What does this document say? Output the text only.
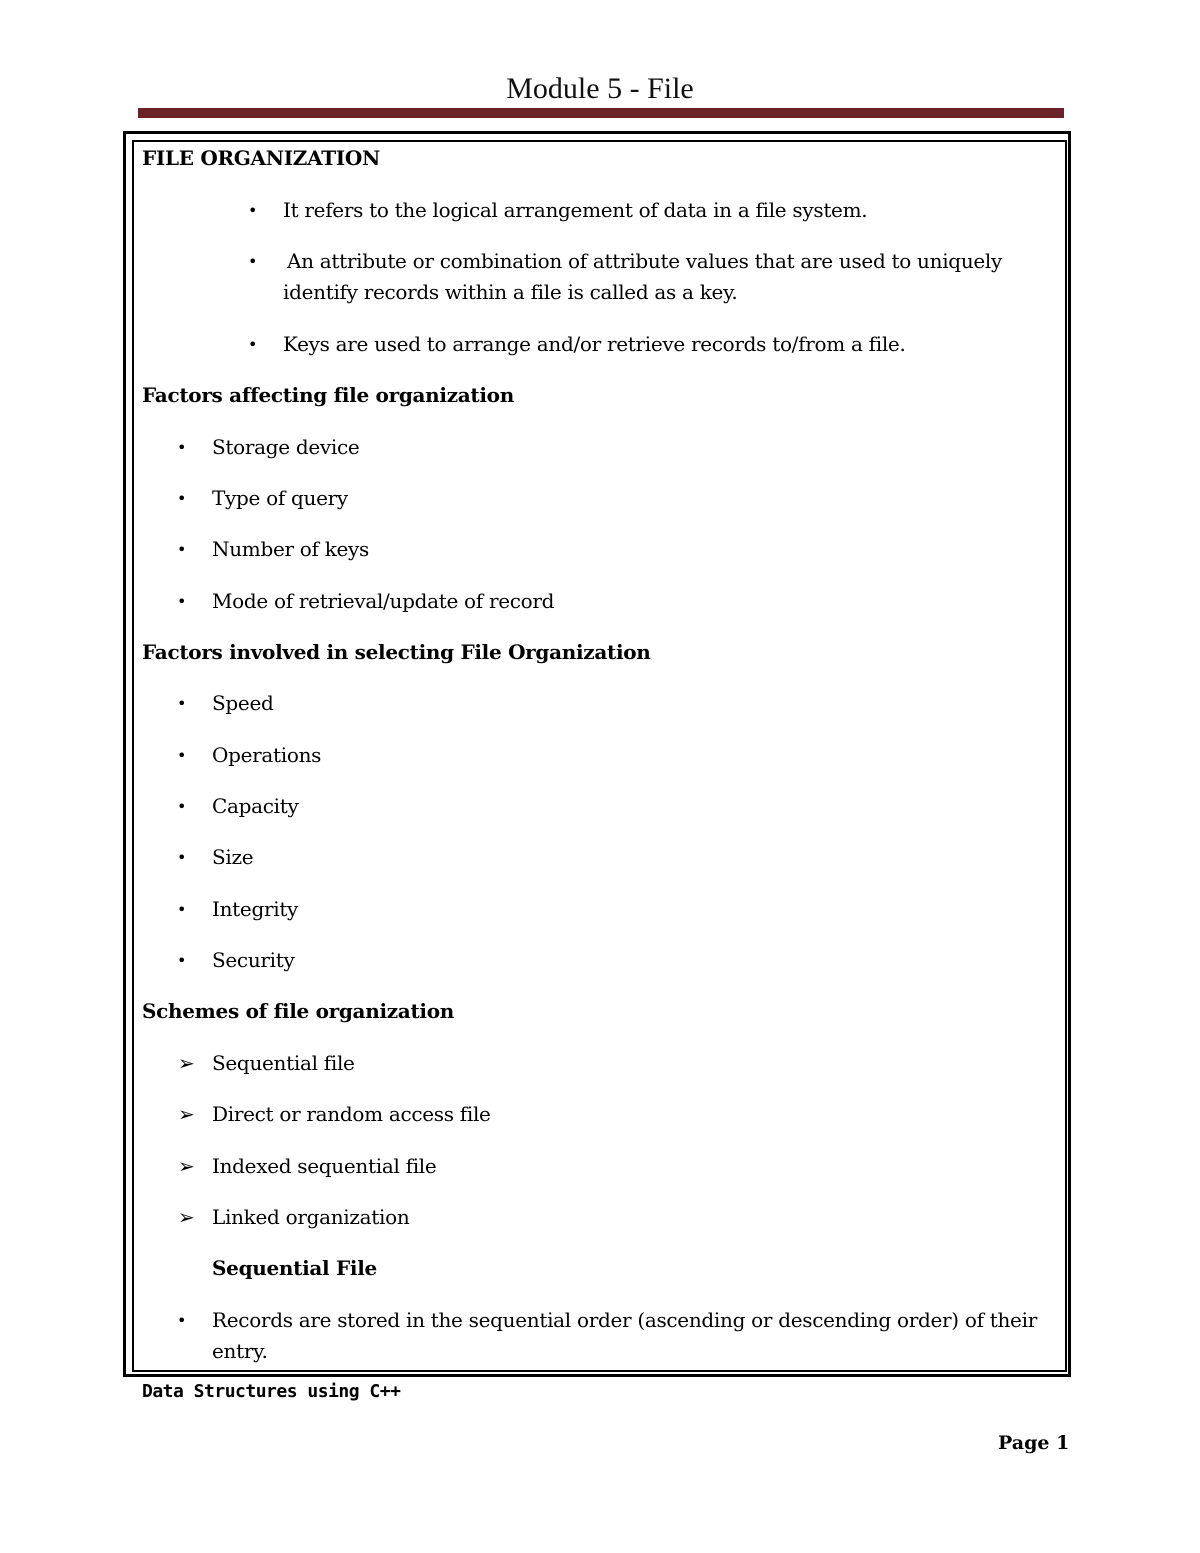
Module 5 - File
FILE ORGANIZATION
• It refers to the logical arrangement of data in a file system.
• An attribute or combination of attribute values that are used to uniquely
identify records within a file is called as a key.
• Keys are used to arrange and/or retrieve records to/from a file.
Factors affecting file organization
• Storage device
• Type of query
• Number of keys
• Mode of retrieval/update of record
Factors involved in selecting File Organization
• Speed
• Operations
• Capacity
• Size
• Integrity
• Security
Schemes of file organization
➢ Sequential file
➢ Direct or random access file
➢ Indexed sequential file
➢ Linked organization
Sequential File
• Records are stored in the sequential order (ascending or descending order) of their
entry.
Data Structures using C++
Page 1
